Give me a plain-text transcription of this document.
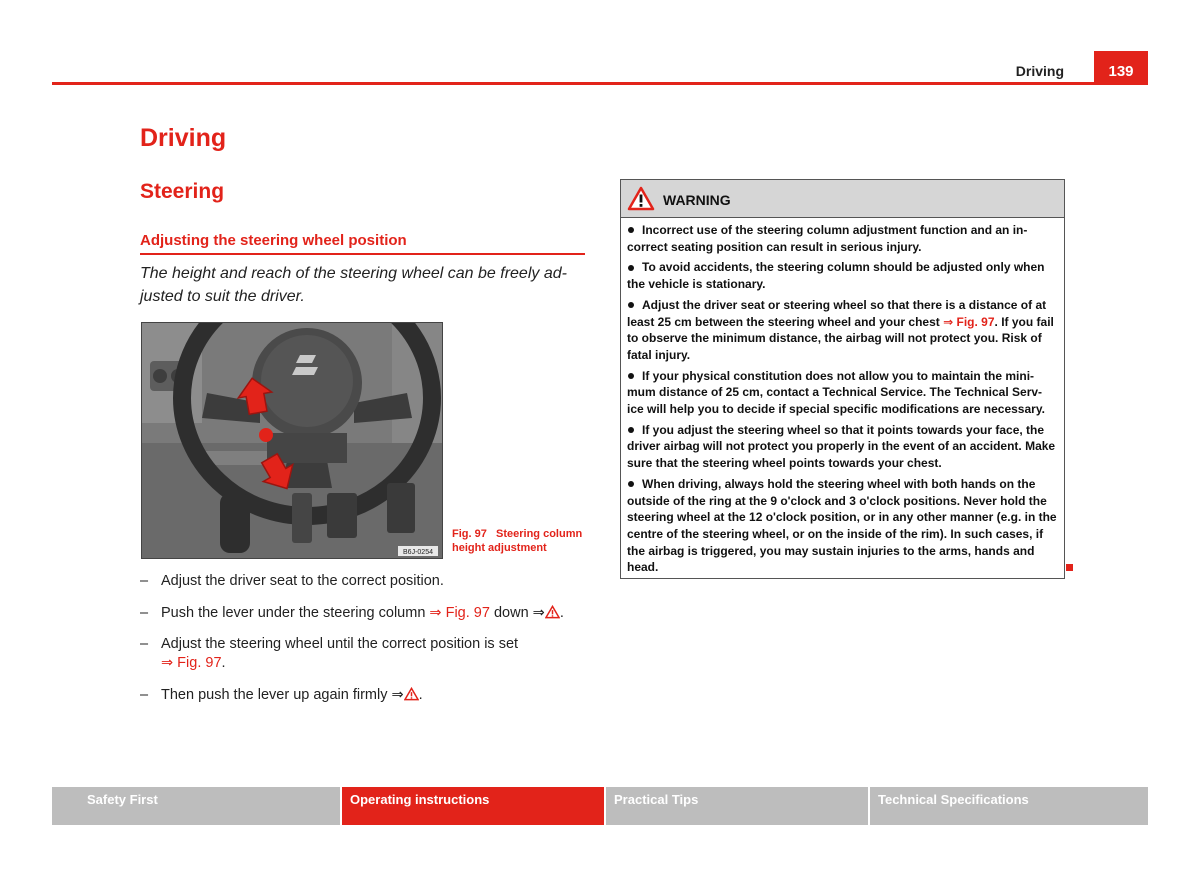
Driving	139
Driving
Steering
Adjusting the steering wheel position
The height and reach of the steering wheel can be freely ad-justed to suit the driver.
B6J-0254
Fig. 97 Steering column height adjustment
– Adjust the driver seat to the correct position.
– Push the lever under the steering column ⇒ Fig. 97 down ⇒ .
– Adjust the steering wheel until the correct position is set
⇒ Fig. 97.
– Then push the lever up again firmly ⇒ .
WARNING

Incorrect use of the steering column adjustment function and an in-correct seating position can result in serious injury.

To avoid accidents, the steering column should be adjusted only when the vehicle is stationary.

Adjust the driver seat or steering wheel so that there is a distance of at least 25 cm between the steering wheel and your chest ⇒ Fig. 97. If you fail to observe the minimum distance, the airbag will not protect you. Risk of fatal injury.

If your physical constitution does not allow you to maintain the mini-mum distance of 25 cm, contact a Technical Service. The Technical Serv-ice will help you to decide if special specific modifications are necessary.

If you adjust the steering wheel so that it points towards your face, the driver airbag will not protect you properly in the event of an accident. Make sure that the steering wheel points towards your chest.

When driving, always hold the steering wheel with both hands on the outside of the ring at the 9 o'clock and 3 o'clock positions. Never hold the steering wheel at the 12 o'clock position, or in any other manner (e.g. in the centre of the steering wheel, or on the inside of the rim). In such cases, if the airbag is triggered, you may sustain injuries to the arms, hands and head.

Safety First	Operating instructions	Practical Tips	Technical Specifications
